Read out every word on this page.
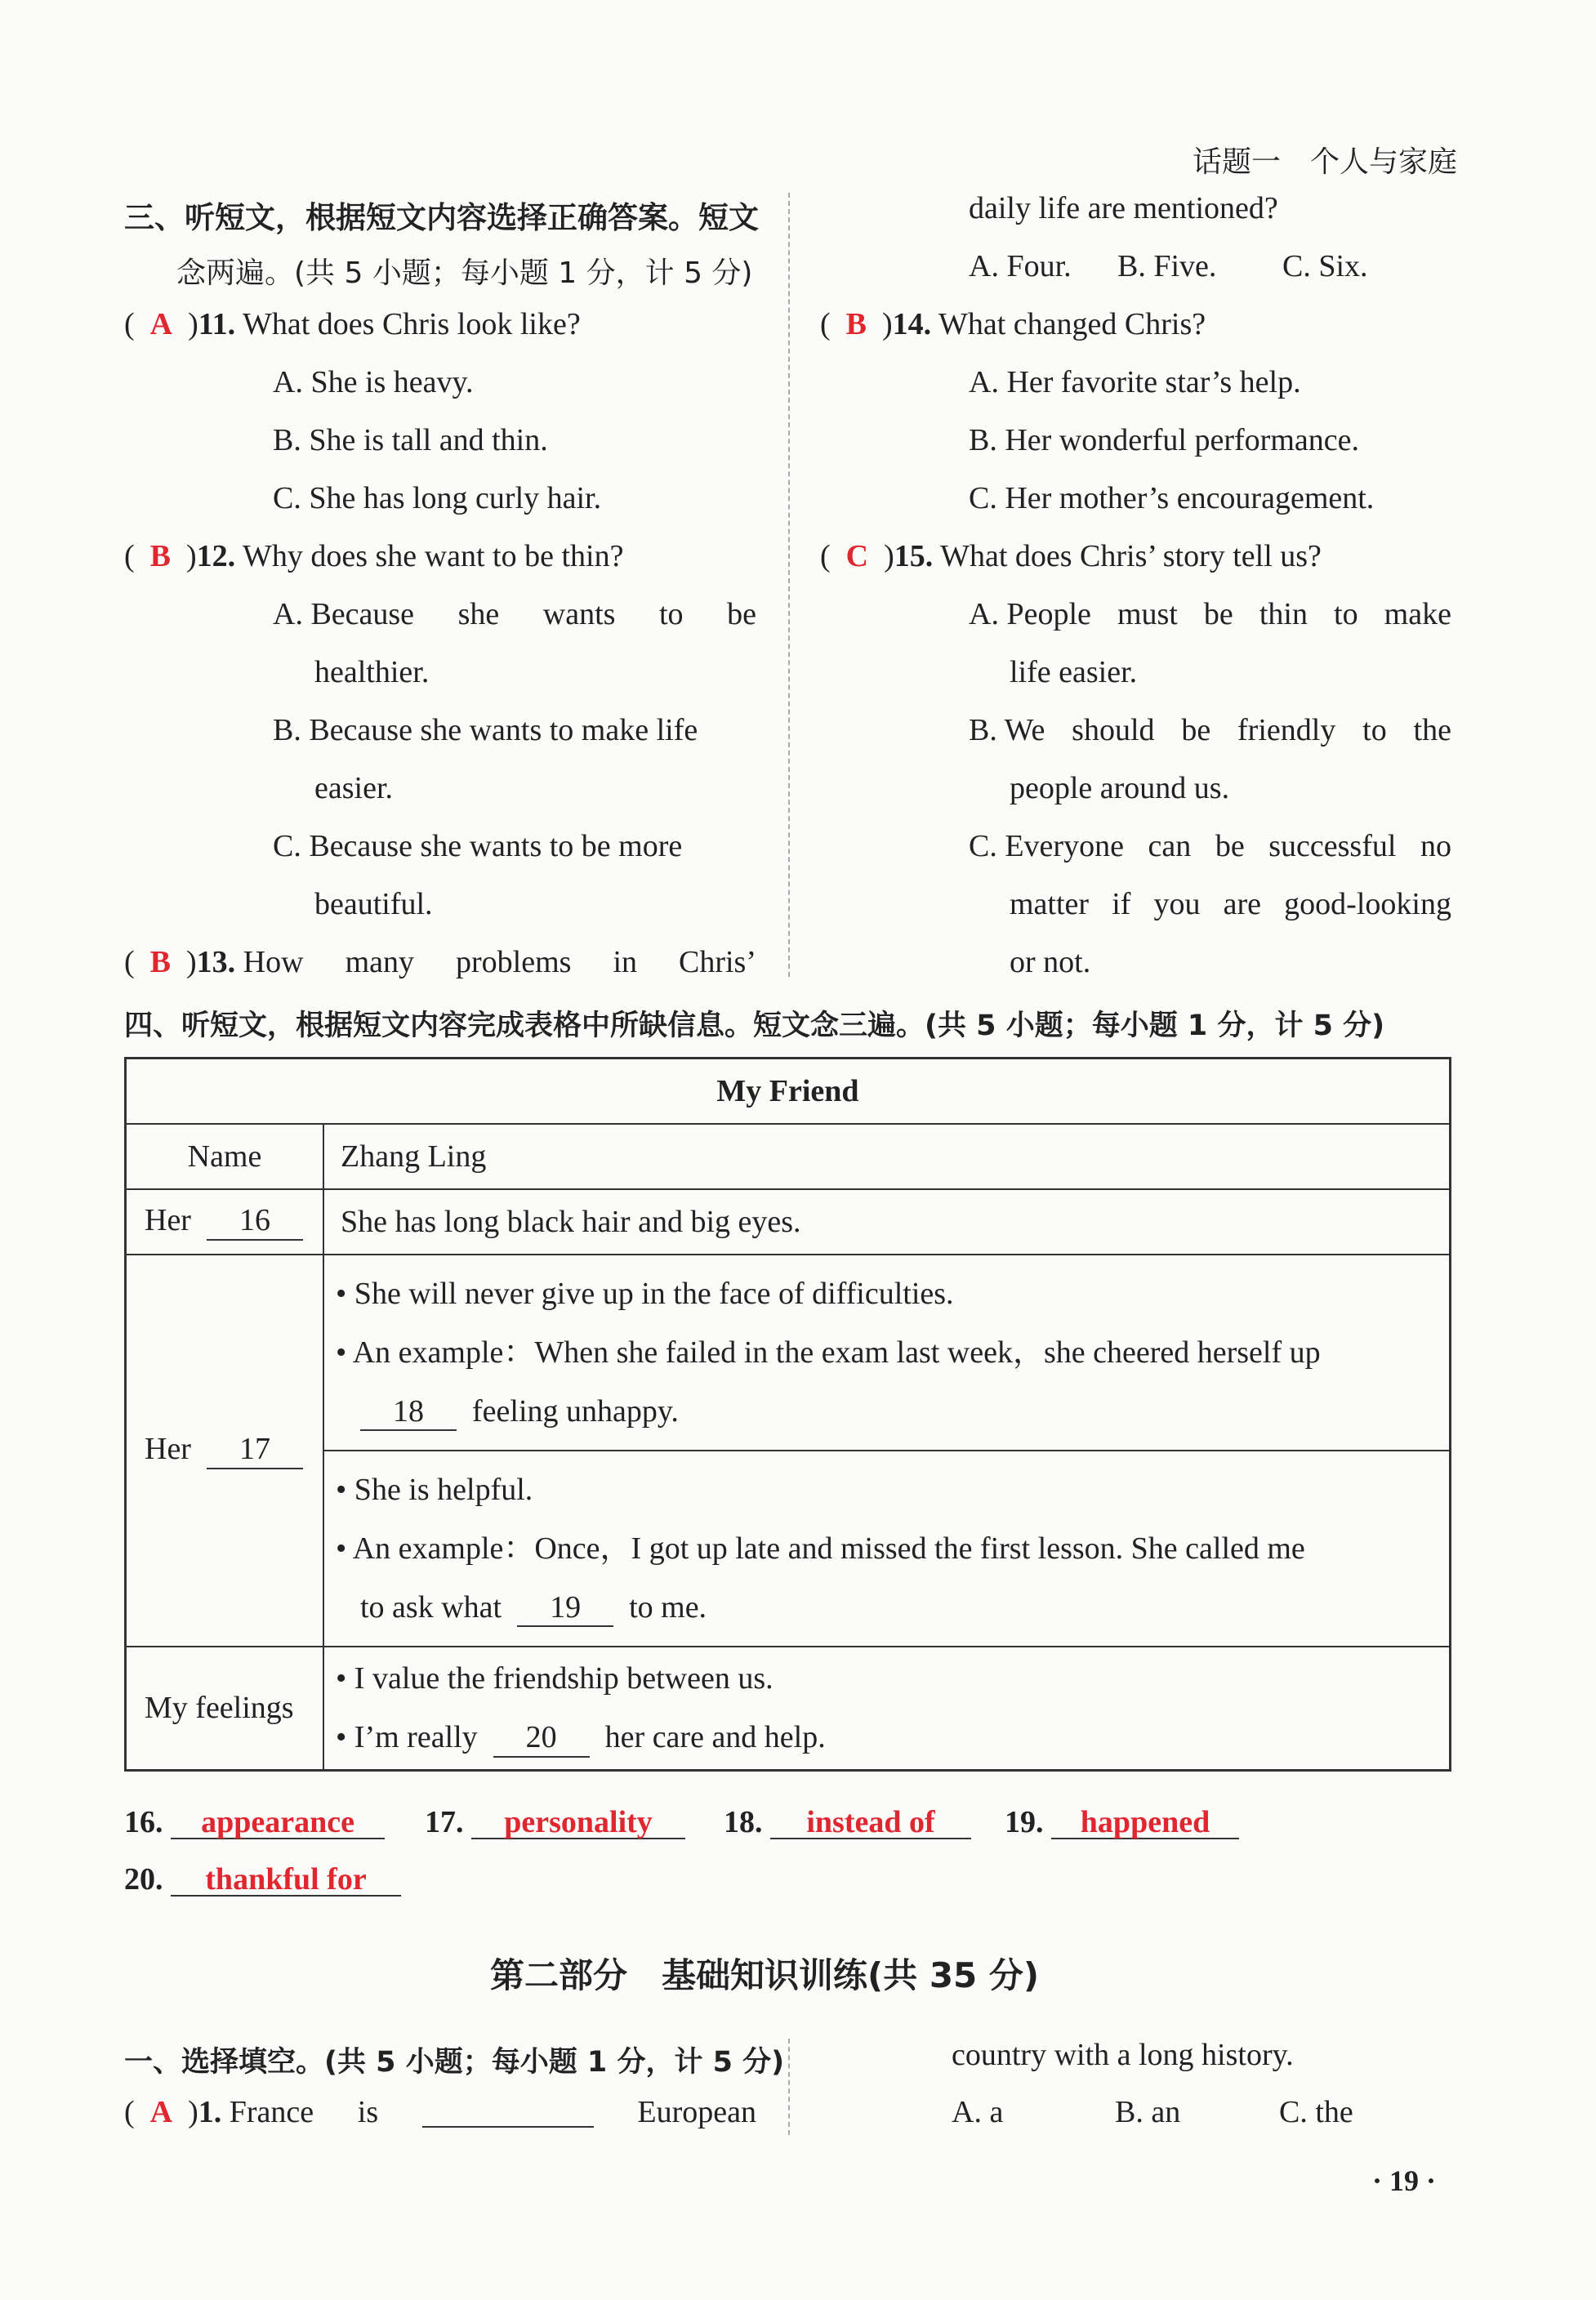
话题一　个人与家庭
三、听短文，根据短文内容选择正确答案。短文
念两遍。(共 5 小题；每小题 1 分，计 5 分)
(  A  )11. What does Chris look like?
A. She is heavy.
B. She is tall and thin.
C. She has long curly hair.
(  B  )12. Why does she want to be thin?
A. Because she wants to be
healthier.
B. Because she wants to make life
easier.
C. Because she wants to be more
beautiful.
(  B  )13. How many problems in Chris’
daily life are mentioned?
A. Four. B. Five. C. Six.
(  B  )14. What changed Chris?
A. Her favorite star’s help.
B. Her wonderful performance.
C. Her mother’s encouragement.
(  C  )15. What does Chris’ story tell us?
A. People must be thin to make
life easier.
B. We should be friendly to the
people around us.
C. Everyone can be successful no
matter if you are good-looking
or not.
四、听短文，根据短文内容完成表格中所缺信息。短文念三遍。(共 5 小题；每小题 1 分，计 5 分)
My Friend	
Name	Zhang Ling
Her 16	She has long black hair and big eyes.
Her 17	• She will never give up in the face of difficulties.
• An example：When she failed in the exam last week，she cheered herself up
18 feeling unhappy.

	• She is helpful.
• An example：Once，I got up late and missed the first lesson. She called me
to ask what 19 to me.

My feelings	• I value the friendship between us.
• I’m really 20 her care and help.
16. appearance	17. personality	18. instead of	19. happened
20. thankful for
第二部分　基础知识训练(共 35 分)
一、选择填空。(共 5 小题；每小题 1 分，计 5 分)
(  A  )1. France is	European
country with a long history.
A. a	B. an	C. the
· 19 ·
